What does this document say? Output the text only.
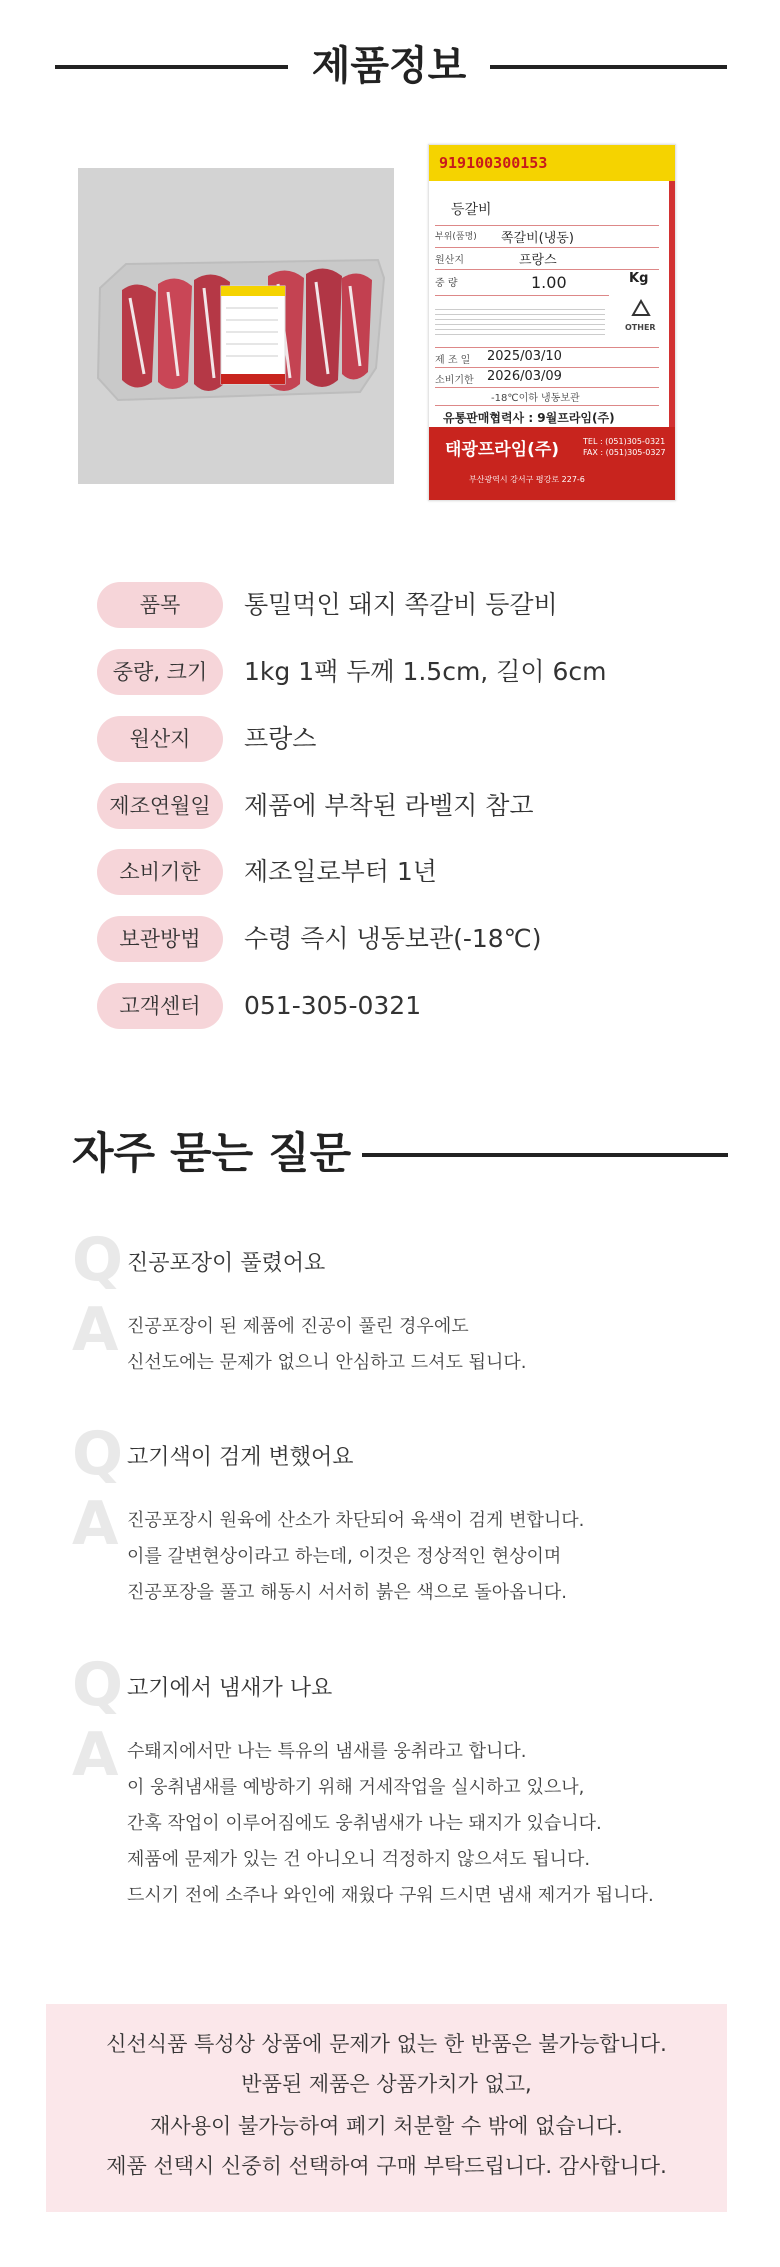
제품정보
919100300153
등갈비
부위(품명) 쪽갈비(냉동)
원산지	프랑스
중 량	1.00	Kg
OTHER
제 조 일 2025/03/10
소비기한 2026/03/09
-18℃이하 냉동보관
유통판매협력사 : 9월프라임(주)
태광프라임(주)	TEL : (051)305-0321
FAX : (051)305-0327
부산광역시 강서구 평강로 227-6
품목	통밀먹인 돼지 쪽갈비 등갈비
중량, 크기	1kg 1팩 두께 1.5cm, 길이 6cm
원산지	프랑스
제조연월일	제품에 부착된 라벨지 참고
소비기한	제조일로부터 1년
보관방법	수령 즉시 냉동보관(-18℃)
고객센터	051-305-0321
자주 묻는 질문
Q 진공포장이 풀렸어요
A 진공포장이 된 제품에 진공이 풀린 경우에도
신선도에는 문제가 없으니 안심하고 드셔도 됩니다.
Q 고기색이 검게 변했어요
A 진공포장시 원육에 산소가 차단되어 육색이 검게 변합니다.
이를 갈변현상이라고 하는데, 이것은 정상적인 현상이며
진공포장을 풀고 해동시 서서히 붉은 색으로 돌아옵니다.
Q 고기에서 냄새가 나요
A 수퇘지에서만 나는 특유의 냄새를 웅취라고 합니다.
이 웅취냄새를 예방하기 위해 거세작업을 실시하고 있으나,
간혹 작업이 이루어짐에도 웅취냄새가 나는 돼지가 있습니다.
제품에 문제가 있는 건 아니오니 걱정하지 않으셔도 됩니다.
드시기 전에 소주나 와인에 재웠다 구워 드시면 냄새 제거가 됩니다.
신선식품 특성상 상품에 문제가 없는 한 반품은 불가능합니다.
반품된 제품은 상품가치가 없고,
재사용이 불가능하여 폐기 처분할 수 밖에 없습니다.
제품 선택시 신중히 선택하여 구매 부탁드립니다. 감사합니다.
